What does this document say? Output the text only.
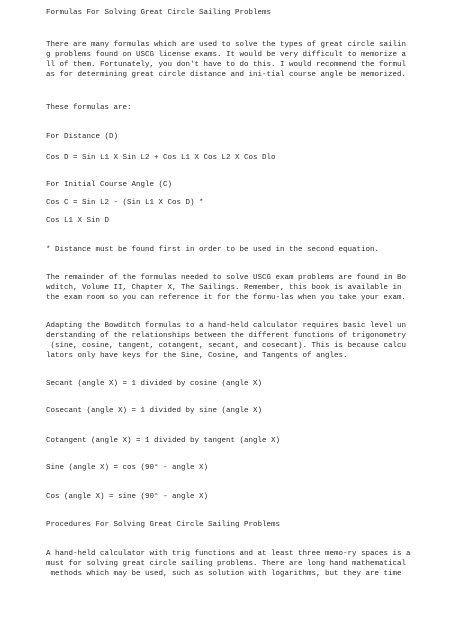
Formulas For Solving Great Circle Sailing Problems
There are many formulas which are used to solve the types of great circle sailin
g problems found on USCG license exams. It would be very difficult to memorize a
ll of them. Fortunately, you don't have to do this. I would recommend the formul
as for determining great circle distance and ini-tial course angle be memorized.
These formulas are:
For Distance (D)
Cos D = Sin L1 X Sin L2 + Cos L1 X Cos L2 X Cos Dlo
For Initial Course Angle (C)
Cos C = Sin L2 - (Sin L1 X Cos D) *
Cos L1 X Sin D
* Distance must be found first in order to be used in the second equation.
The remainder of the formulas needed to solve USCG exam problems are found in Bo
wditch, Volume II, Chapter X, The Sailings. Remember, this book is available in
the exam room so you can reference it for the formu-las when you take your exam.
Adapting the Bowditch formulas to a hand-held calculator requires basic level un
derstanding of the relationships between the different functions of trigonometry
(sine, cosine, tangent, cotangent, secant, and cosecant). This is because calcu
lators only have keys for the Sine, Cosine, and Tangents of angles.
Secant (angle X) = 1 divided by cosine (angle X)
Cosecant (angle X) = 1 divided by sine (angle X)
Cotangent (angle X) = 1 divided by tangent (angle X)
Sine (angle X) = cos (90° - angle X)
Cos (angle X) = sine (90° - angle X)
Procedures For Solving Great Circle Sailing Problems
A hand-held calculator with trig functions and at least three memo-ry spaces is a
must for solving great circle sailing problems. There are long hand mathematical
methods which may be used, such as solution with logarithms, but they are time
